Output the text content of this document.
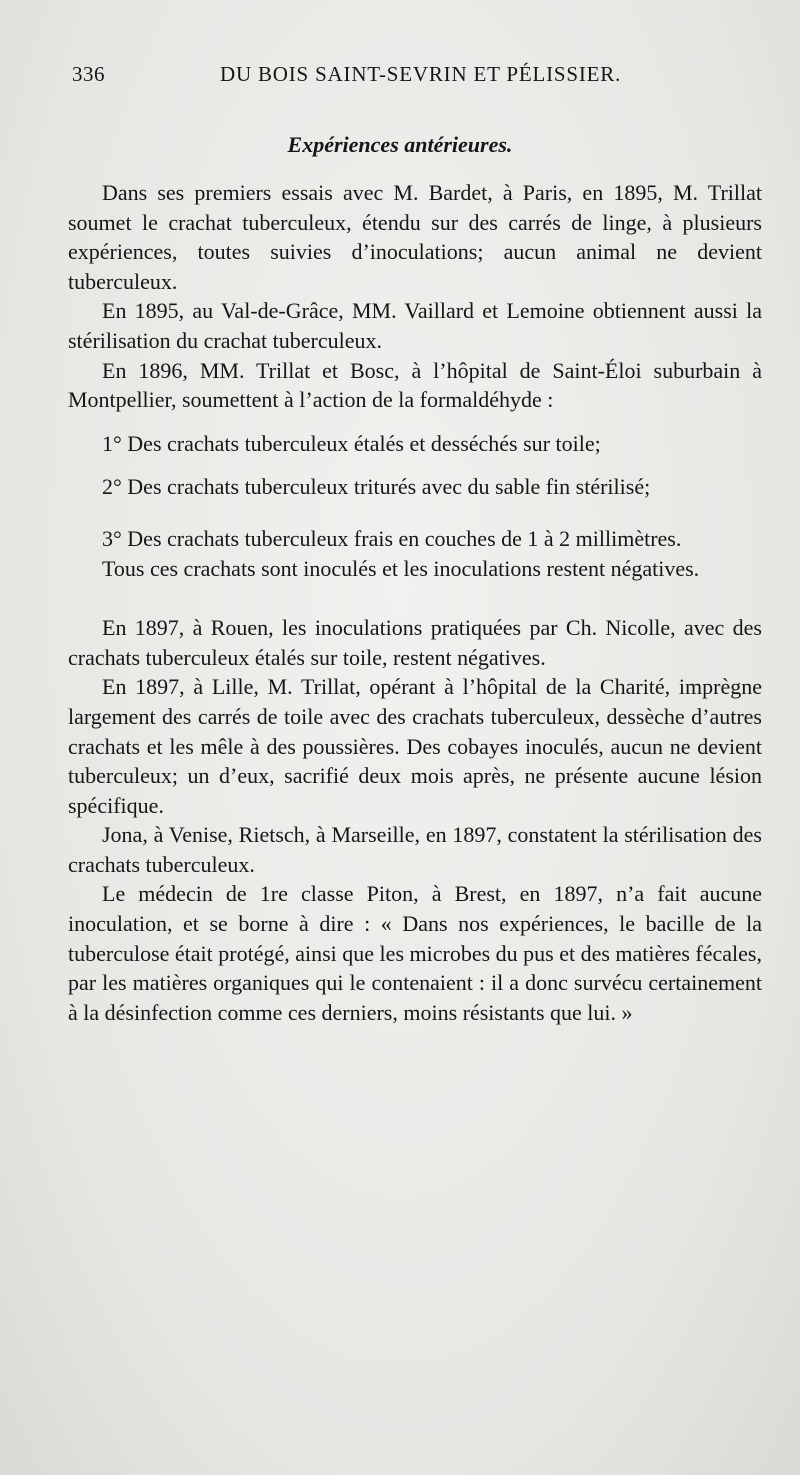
336	DU BOIS SAINT-SEVRIN ET PÉLISSIER.
Expériences antérieures.

Dans ses premiers essais avec M. Bardet, à Paris, en 1895, M. Trillat soumet le crachat tuberculeux, étendu sur des carrés de linge, à plusieurs expériences, toutes suivies d’inoculations; aucun animal ne devient tuberculeux.

En 1895, au Val-de-Grâce, MM. Vaillard et Lemoine obtiennent aussi la stérilisation du crachat tuberculeux.

En 1896, MM. Trillat et Bosc, à l’hôpital de Saint-Éloi suburbain à Montpellier, soumettent à l’action de la formaldéhyde :

1° Des crachats tuberculeux étalés et desséchés sur toile;

2° Des crachats tuberculeux triturés avec du sable fin stérilisé;

3° Des crachats tuberculeux frais en couches de 1 à 2 millimètres.

Tous ces crachats sont inoculés et les inoculations restent négatives.

En 1897, à Rouen, les inoculations pratiquées par Ch. Nicolle, avec des crachats tuberculeux étalés sur toile, restent négatives.

En 1897, à Lille, M. Trillat, opérant à l’hôpital de la Charité, imprègne largement des carrés de toile avec des crachats tuberculeux, dessèche d’autres crachats et les mêle à des poussières. Des cobayes inoculés, aucun ne devient tuberculeux; un d’eux, sacrifié deux mois après, ne présente aucune lésion spécifique.

Jona, à Venise, Rietsch, à Marseille, en 1897, constatent la stérilisation des crachats tuberculeux.

Le médecin de 1re classe Piton, à Brest, en 1897, n’a fait aucune inoculation, et se borne à dire : « Dans nos expériences, le bacille de la tuberculose était protégé, ainsi que les microbes du pus et des matières fécales, par les matières organiques qui le contenaient : il a donc survécu certainement à la désinfection comme ces derniers, moins résistants que lui. »
